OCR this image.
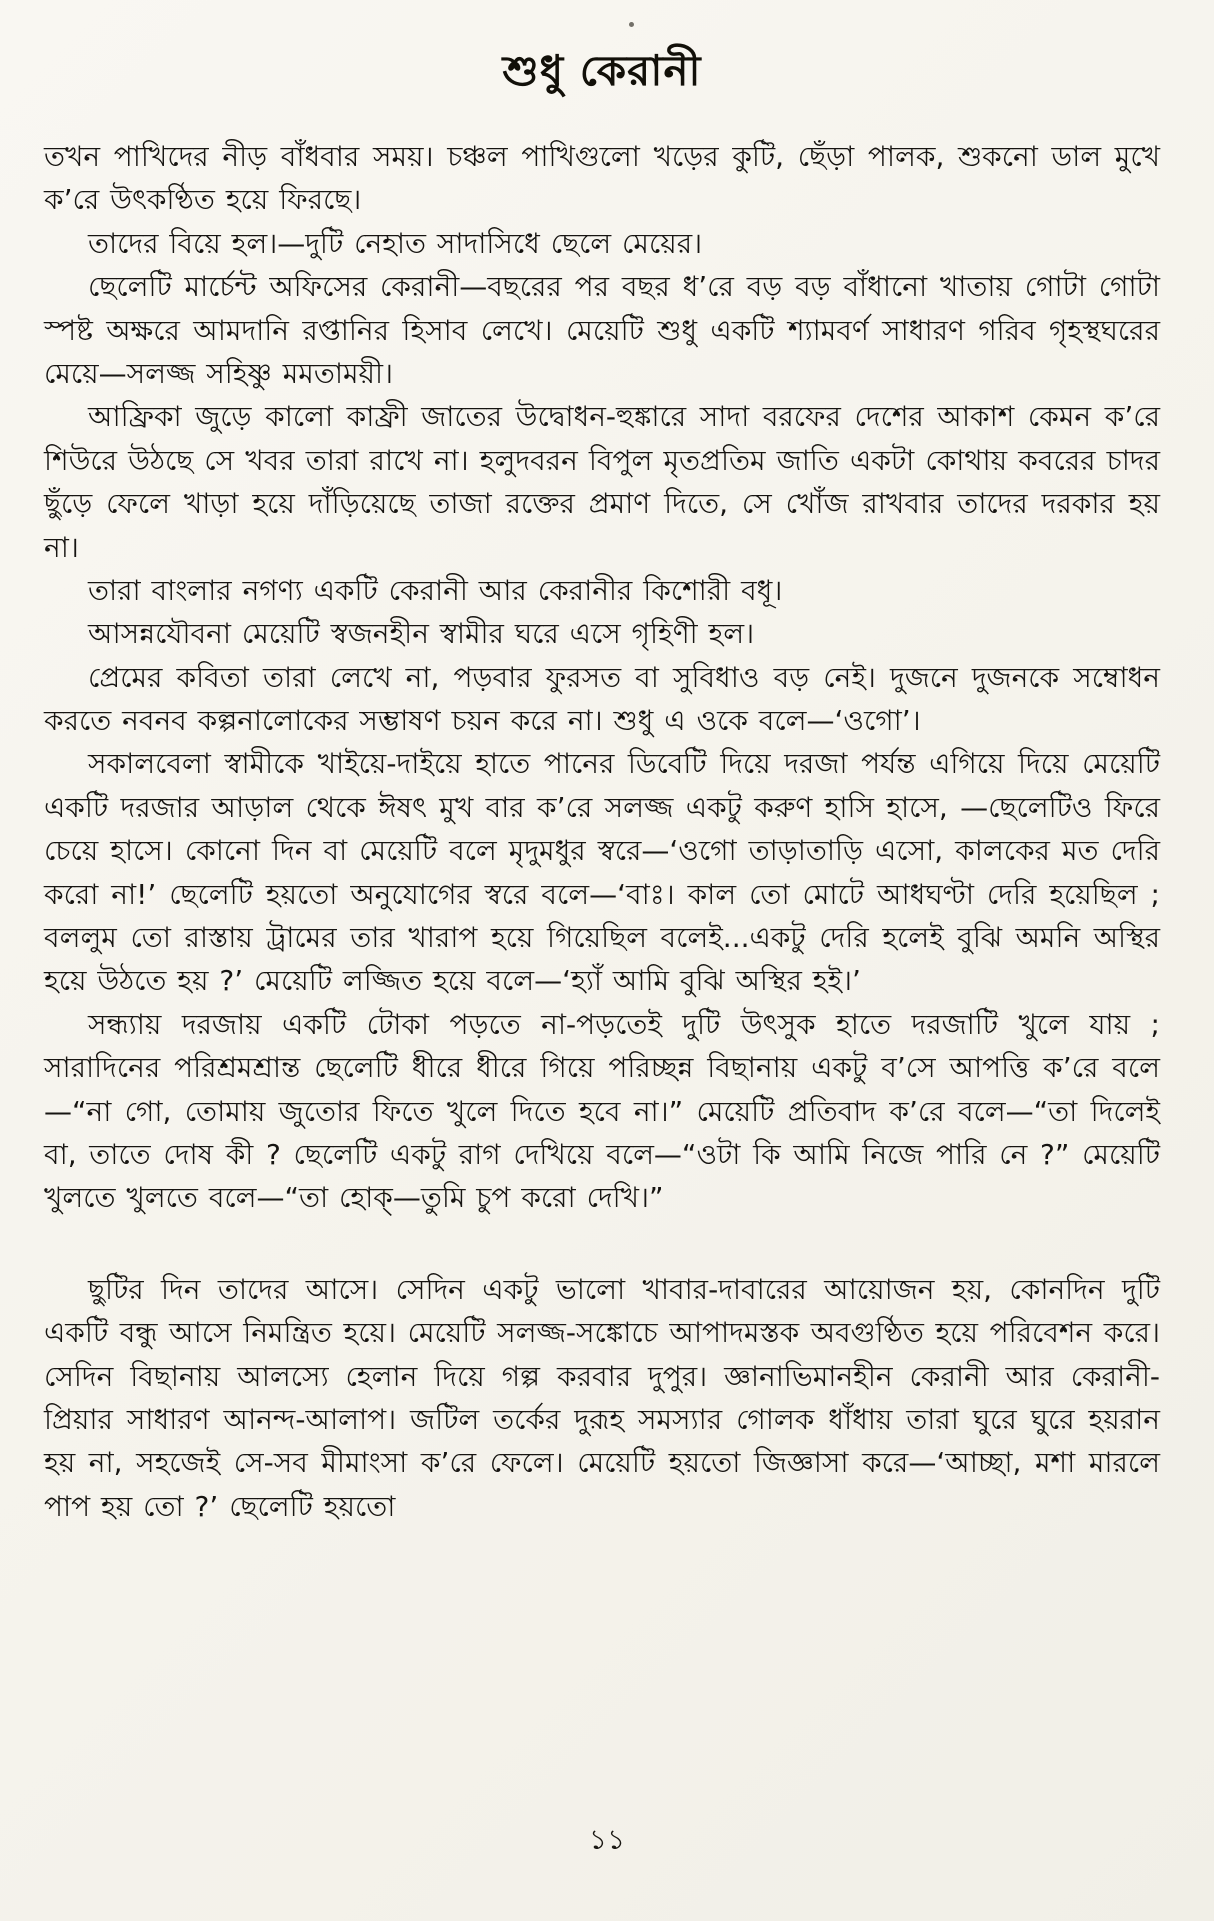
শুধু কেরানী

তখন পাখিদের নীড় বাঁধবার সময়। চঞ্চল পাখিগুলো খড়ের কুটি, ছেঁড়া পালক, শুকনো ডাল মুখে ক’রে উৎকণ্ঠিত হয়ে ফিরছে।

তাদের বিয়ে হল।—দুটি নেহাত সাদাসিধে ছেলে মেয়ের।

ছেলেটি মার্চেন্ট অফিসের কেরানী—বছরের পর বছর ধ’রে বড় বড় বাঁধানো খাতায় গোটা গোটা স্পষ্ট অক্ষরে আমদানি রপ্তানির হিসাব লেখে। মেয়েটি শুধু একটি শ্যামবর্ণ সাধারণ গরিব গৃহস্থঘরের মেয়ে—সলজ্জ সহিষ্ণু মমতাময়ী।

আফ্রিকা জুড়ে কালো কাফ্রী জাতের উদ্বোধন-হুঙ্কারে সাদা বরফের দেশের আকাশ কেমন ক’রে শিউরে উঠছে সে খবর তারা রাখে না। হলুদবরন বিপুল মৃতপ্রতিম জাতি একটা কোথায় কবরের চাদর ছুঁড়ে ফেলে খাড়া হয়ে দাঁড়িয়েছে তাজা রক্তের প্রমাণ দিতে, সে খোঁজ রাখবার তাদের দরকার হয় না।

তারা বাংলার নগণ্য একটি কেরানী আর কেরানীর কিশোরী বধূ।

আসন্নযৌবনা মেয়েটি স্বজনহীন স্বামীর ঘরে এসে গৃহিণী হল।

প্রেমের কবিতা তারা লেখে না, পড়বার ফুরসত বা সুবিধাও বড় নেই। দুজনে দুজনকে সম্বোধন করতে নবনব কল্পনালোকের সম্ভাষণ চয়ন করে না। শুধু এ ওকে বলে—‘ওগো’।

সকালবেলা স্বামীকে খাইয়ে-দাইয়ে হাতে পানের ডিবেটি দিয়ে দরজা পর্যন্ত এগিয়ে দিয়ে মেয়েটি একটি দরজার আড়াল থেকে ঈষৎ মুখ বার ক’রে সলজ্জ একটু করুণ হাসি হাসে, —ছেলেটিও ফিরে চেয়ে হাসে। কোনো দিন বা মেয়েটি বলে মৃদুমধুর স্বরে—‘ওগো তাড়াতাড়ি এসো, কালকের মত দেরি করো না!’ ছেলেটি হয়তো অনুযোগের স্বরে বলে—‘বাঃ। কাল তো মোটে আধঘণ্টা দেরি হয়েছিল ; বললুম তো রাস্তায় ট্রামের তার খারাপ হয়ে গিয়েছিল বলেই...একটু দেরি হলেই বুঝি অমনি অস্থির হয়ে উঠতে হয় ?’ মেয়েটি লজ্জিত হয়ে বলে—‘হ্যাঁ আমি বুঝি অস্থির হই।’

সন্ধ্যায় দরজায় একটি টোকা পড়তে না-পড়তেই দুটি উৎসুক হাতে দরজাটি খুলে যায় ; সারাদিনের পরিশ্রমশ্রান্ত ছেলেটি ধীরে ধীরে গিয়ে পরিচ্ছন্ন বিছানায় একটু ব’সে আপত্তি ক’রে বলে—“না গো, তোমায় জুতোর ফিতে খুলে দিতে হবে না।” মেয়েটি প্রতিবাদ ক’রে বলে—“তা দিলেই বা, তাতে দোষ কী ? ছেলেটি একটু রাগ দেখিয়ে বলে—“ওটা কি আমি নিজে পারি নে ?” মেয়েটি খুলতে খুলতে বলে—“তা হোক্‌—তুমি চুপ করো দেখি।”

ছুটির দিন তাদের আসে। সেদিন একটু ভালো খাবার-দাবারের আয়োজন হয়, কোনদিন দুটি একটি বন্ধু আসে নিমন্ত্রিত হয়ে। মেয়েটি সলজ্জ-সঙ্কোচে আপাদমস্তক অবগুণ্ঠিত হয়ে পরিবেশন করে। সেদিন বিছানায় আলস্যে হেলান দিয়ে গল্প করবার দুপুর। জ্ঞানাভিমানহীন কেরানী আর কেরানী-প্রিয়ার সাধারণ আনন্দ-আলাপ। জটিল তর্কের দুরূহ সমস্যার গোলক ধাঁধায় তারা ঘুরে ঘুরে হয়রান হয় না, সহজেই সে-সব মীমাংসা ক’রে ফেলে। মেয়েটি হয়তো জিজ্ঞাসা করে—‘আচ্ছা, মশা মারলে পাপ হয় তো ?’ ছেলেটি হয়তো

১১
